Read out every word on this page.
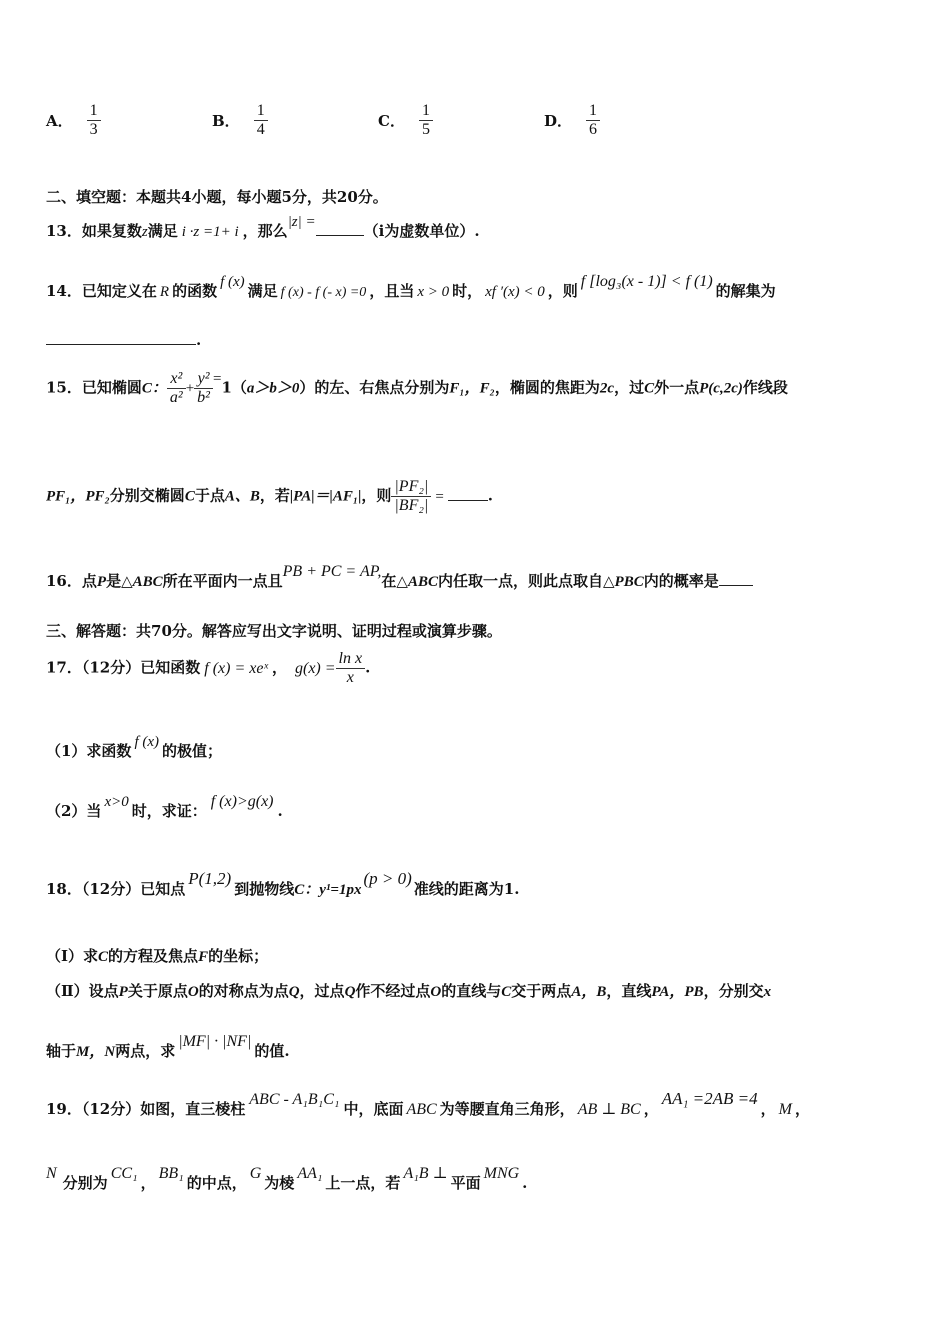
A． $\frac{1}{3}$	B． $\frac{1}{4}$	C． $\frac{1}{5}$	D． $\frac{1}{6}$
二、填空题：本题共4小题，每小题5分，共20分。
13．如果复数z满足 i ·z =1+ i ，那么|z| =	（i为虚数单位）.
14．已知定义在 R 的函数 f (x) 满足 f (x) - f (- x) =0 ，且当 x > 0 时， xf ′(x) < 0 ，则f [log₃(x - 1)] < f (1)的解集为
.
15．已知椭圆C： $\frac{\text{x²}}{\text{a²}} + \frac{\text{y²}}{\text{b²}} =1(a>b>0)$的左、右焦点分别为F₁，F₂，椭圆的焦距为2c，过C外一点P(c,2c)作线段
PF₁，PF₂分别交椭圆C于点A、B，若|PA|＝|AF₁|，则 $\frac{\text{|PF₂|}}{\text{|BF₂|}}$ =	.
16．点P是△ABC所在平面内一点且PB + PC = AP,在△ABC内任取一点，则此点取自△PBC内的概率是
三、解答题：共70分。解答应写出文字说明、证明过程或演算步骤。
17．（12分）已知函数 f (x) = xeˣ ， $g(x) = \frac{\text{ln x}}{x}$ .
（1）求函数 f (x) 的极值；
（2）当 x>0 时，求证：f (x)>g(x).
18．（12分）已知点P(1,2)到抛物线C：y¹=1px(p > 0)准线的距离为1.
（Ⅰ）求C的方程及焦点F的坐标；
（Ⅱ）设点P关于原点O的对称点为点Q，过点Q作不经过点O的直线与C交于两点A，B，直线PA，PB，分别交x
轴于M，N两点，求|MF| · |NF|的值.
19．（12分）如图，直三棱柱ABC - A₁B₁C₁中，底面 ABC 为等腰直角三角形， AB ⊥ BC ，AA₁ =2AB =4， M ，
N分别为CC₁，BB₁的中点，G为棱AA₁上一点，若A₁B ⊥平面MNG.
